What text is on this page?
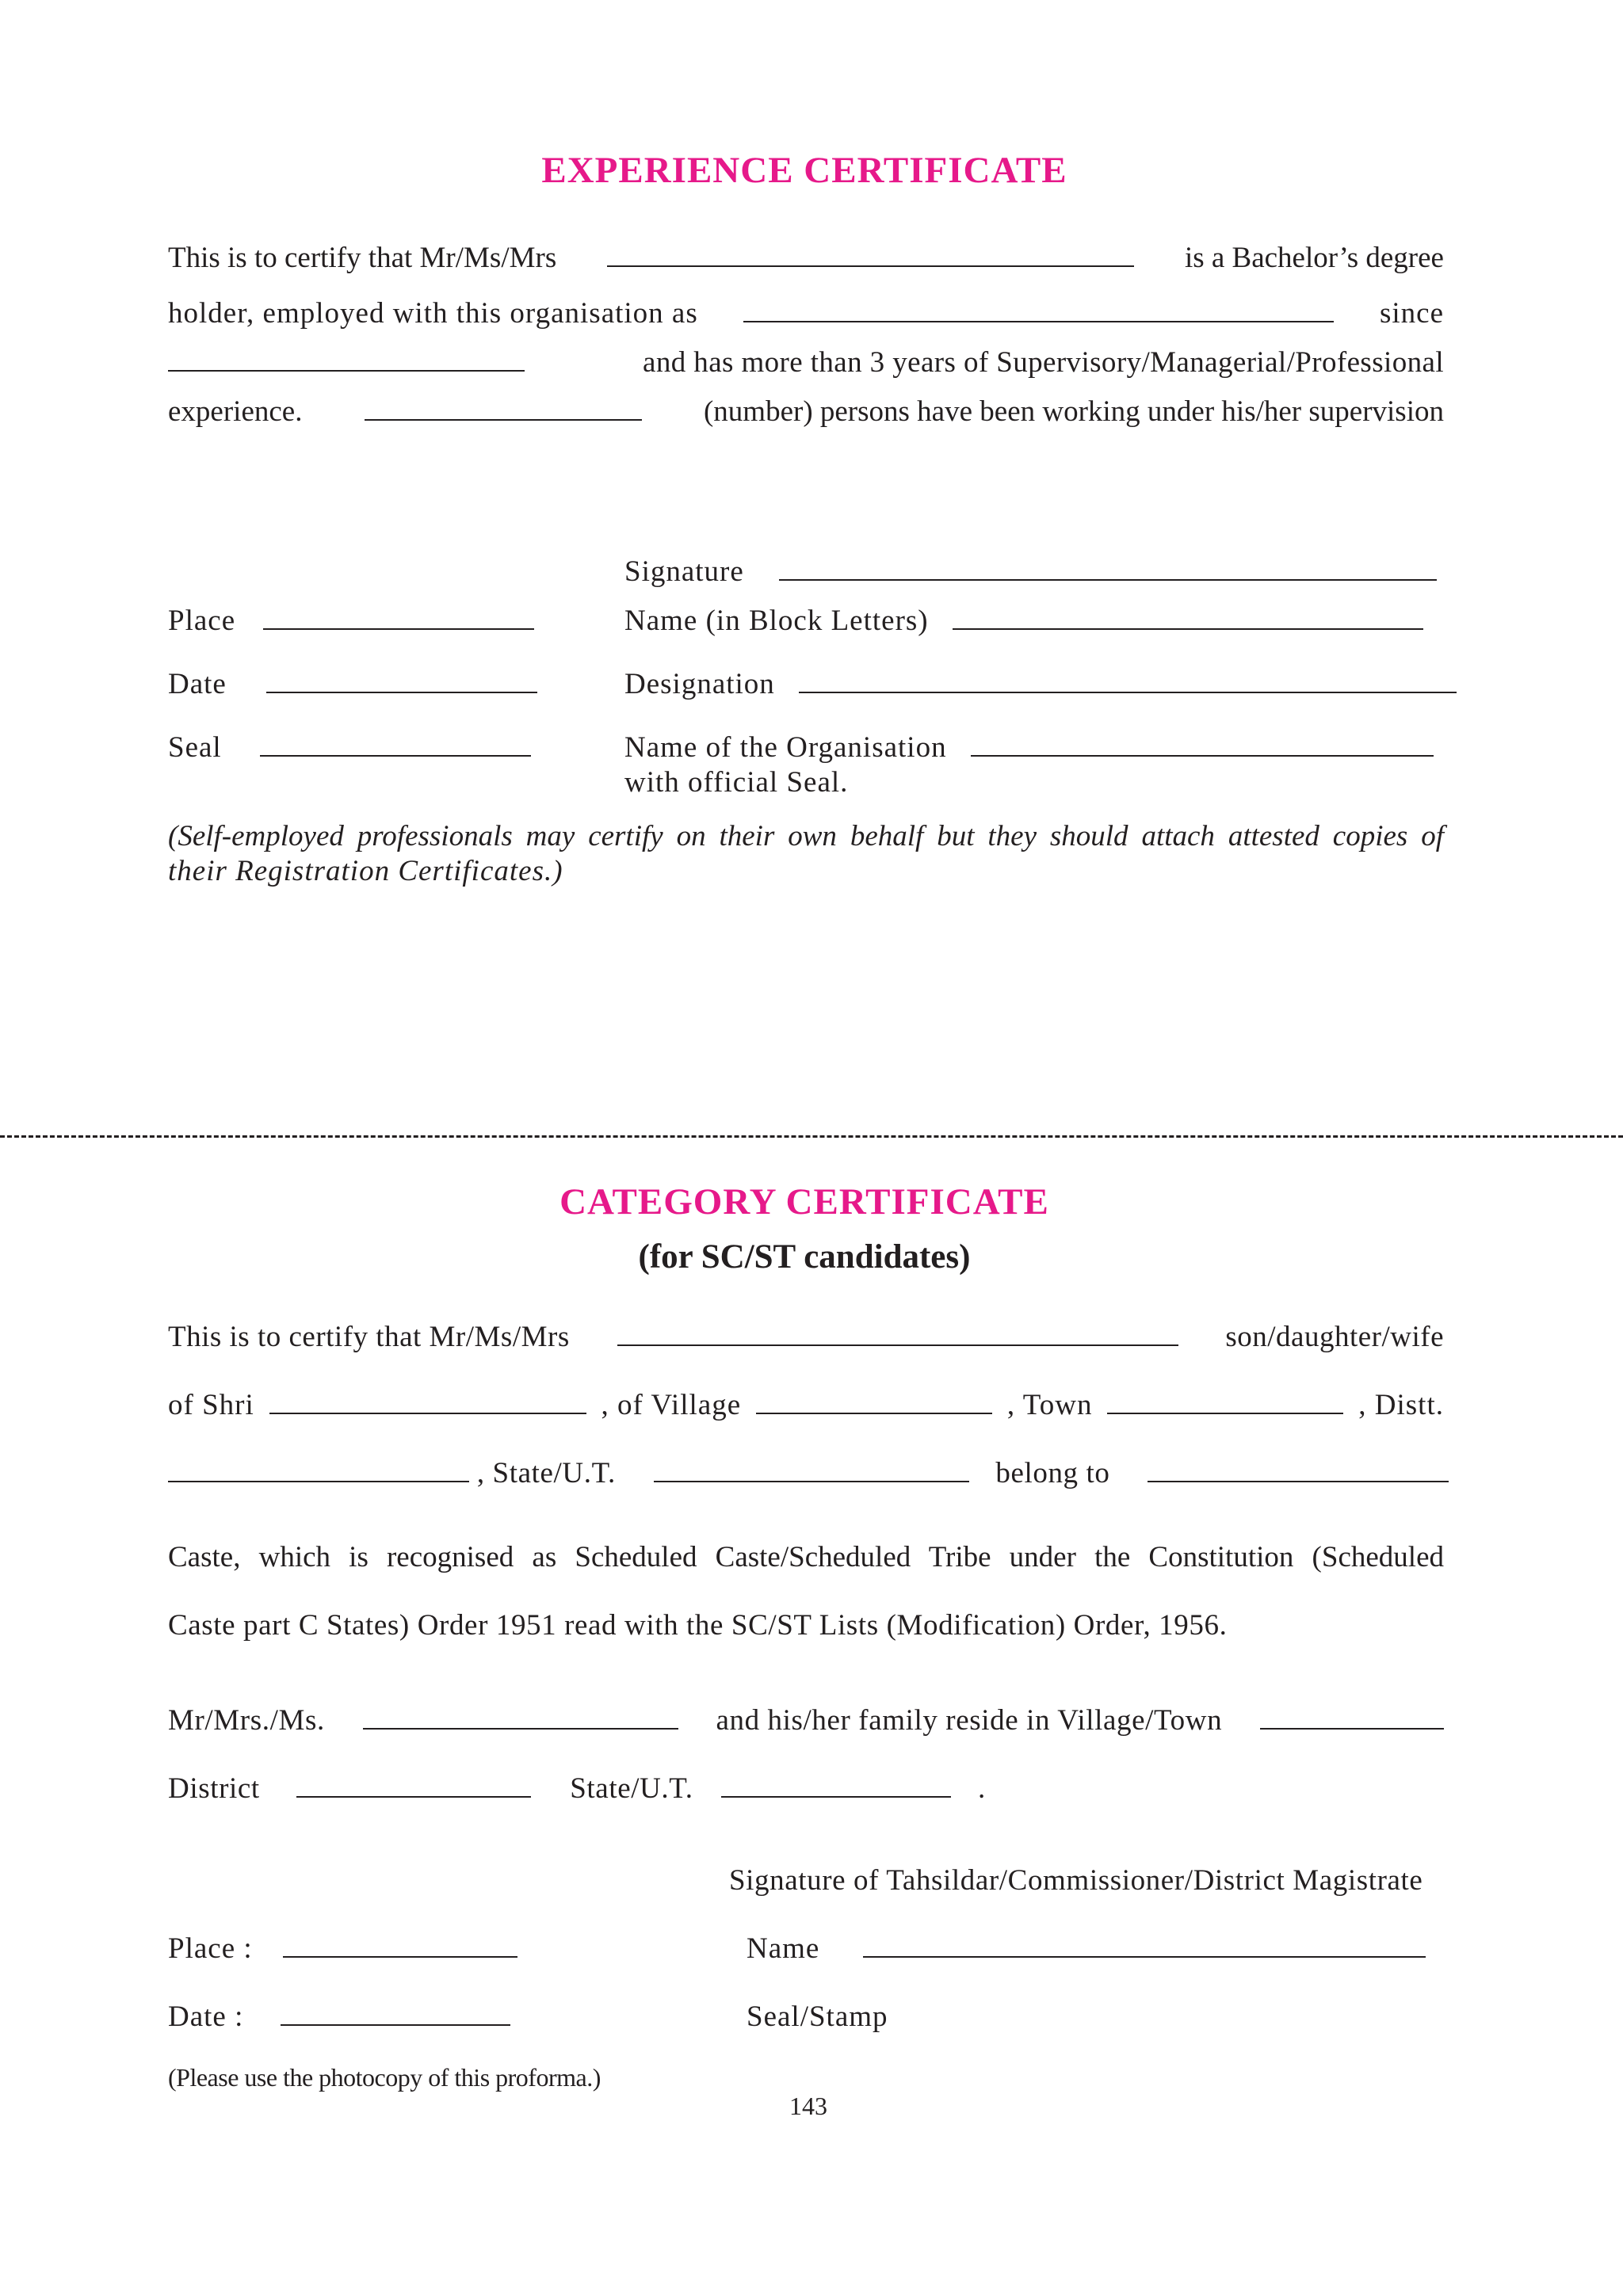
EXPERIENCE CERTIFICATE
This is to certify that Mr/Ms/Mrs	is a Bachelor’s degree
holder, employed with this organisation as	since
and has more than 3 years of Supervisory/Managerial/Professional
experience.	(number) persons have been working under his/her supervision
Signature
Place	Name (in Block Letters)
Date	Designation
Seal	Name of the Organisation
with official Seal.
(Self-employed professionals may certify on their own behalf but they should attach attested copies of
their Registration Certificates.)
CATEGORY CERTIFICATE
(for SC/ST candidates)
This is to certify that Mr/Ms/Mrs	son/daughter/wife
of Shri	, of Village	, Town	, Distt.
, State/U.T.	belong to
Caste, which is recognised as Scheduled Caste/Scheduled Tribe under the Constitution (Scheduled
Caste part C States) Order 1951 read with the SC/ST Lists (Modification) Order, 1956.
Mr/Mrs./Ms.	and his/her family reside in Village/Town
District	State/U.T.	.
Signature of Tahsildar/Commissioner/District Magistrate
Place :	Name
Date :	Seal/Stamp
(Please use the photocopy of this proforma.)
143
